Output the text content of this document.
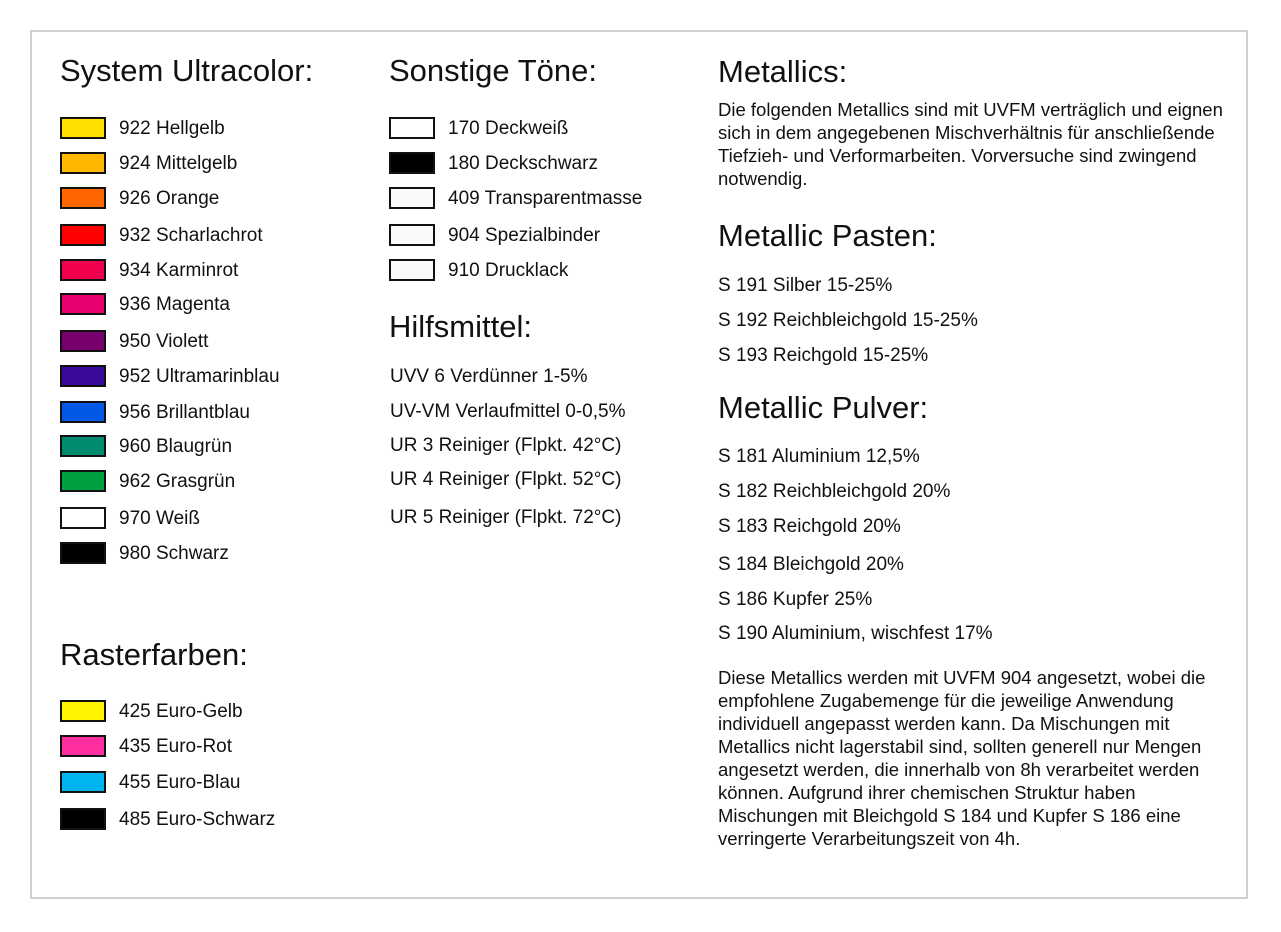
System Ultracolor:
922 Hellgelb
924 Mittelgelb
926 Orange
932 Scharlachrot
934 Karminrot
936 Magenta
950 Violett
952 Ultramarinblau
956 Brillantblau
960 Blaugrün
962 Grasgrün
970 Weiß
980 Schwarz
Rasterfarben:
425 Euro-Gelb
435 Euro-Rot
455 Euro-Blau
485 Euro-Schwarz
Sonstige Töne:
170 Deckweiß
180 Deckschwarz
409 Transparentmasse
904 Spezialbinder
910 Drucklack
Hilfsmittel:
UVV 6 Verdünner 1-5%
UV-VM Verlaufmittel 0-0,5%
UR 3 Reiniger (Flpkt. 42°C)
UR 4 Reiniger (Flpkt. 52°C)
UR 5 Reiniger (Flpkt. 72°C)
Metallics:

Die folgenden Metallics sind mit UVFM verträglich und eignen sich in dem angegebenen Mischverhältnis für anschließende Tiefzieh- und Verformarbeiten. Vorversuche sind zwingend notwendig.

Metallic Pasten:
S 191 Silber 15-25%
S 192 Reichbleichgold 15-25%
S 193 Reichgold 15-25%
Metallic Pulver:
S 181 Aluminium 12,5%
S 182 Reichbleichgold 20%
S 183 Reichgold 20%
S 184 Bleichgold 20%
S 186 Kupfer 25%
S 190 Aluminium, wischfest 17%

Diese Metallics werden mit UVFM 904 angesetzt, wobei die empfohlene Zugabemenge für die jeweilige Anwendung individuell angepasst werden kann. Da Mischungen mit Metallics nicht lagerstabil sind, sollten generell nur Mengen angesetzt werden, die innerhalb von 8h verarbeitet werden können. Aufgrund ihrer chemischen Struktur haben Mischungen mit Bleichgold S 184 und Kupfer S 186 eine verringerte Verarbeitungszeit von 4h.
